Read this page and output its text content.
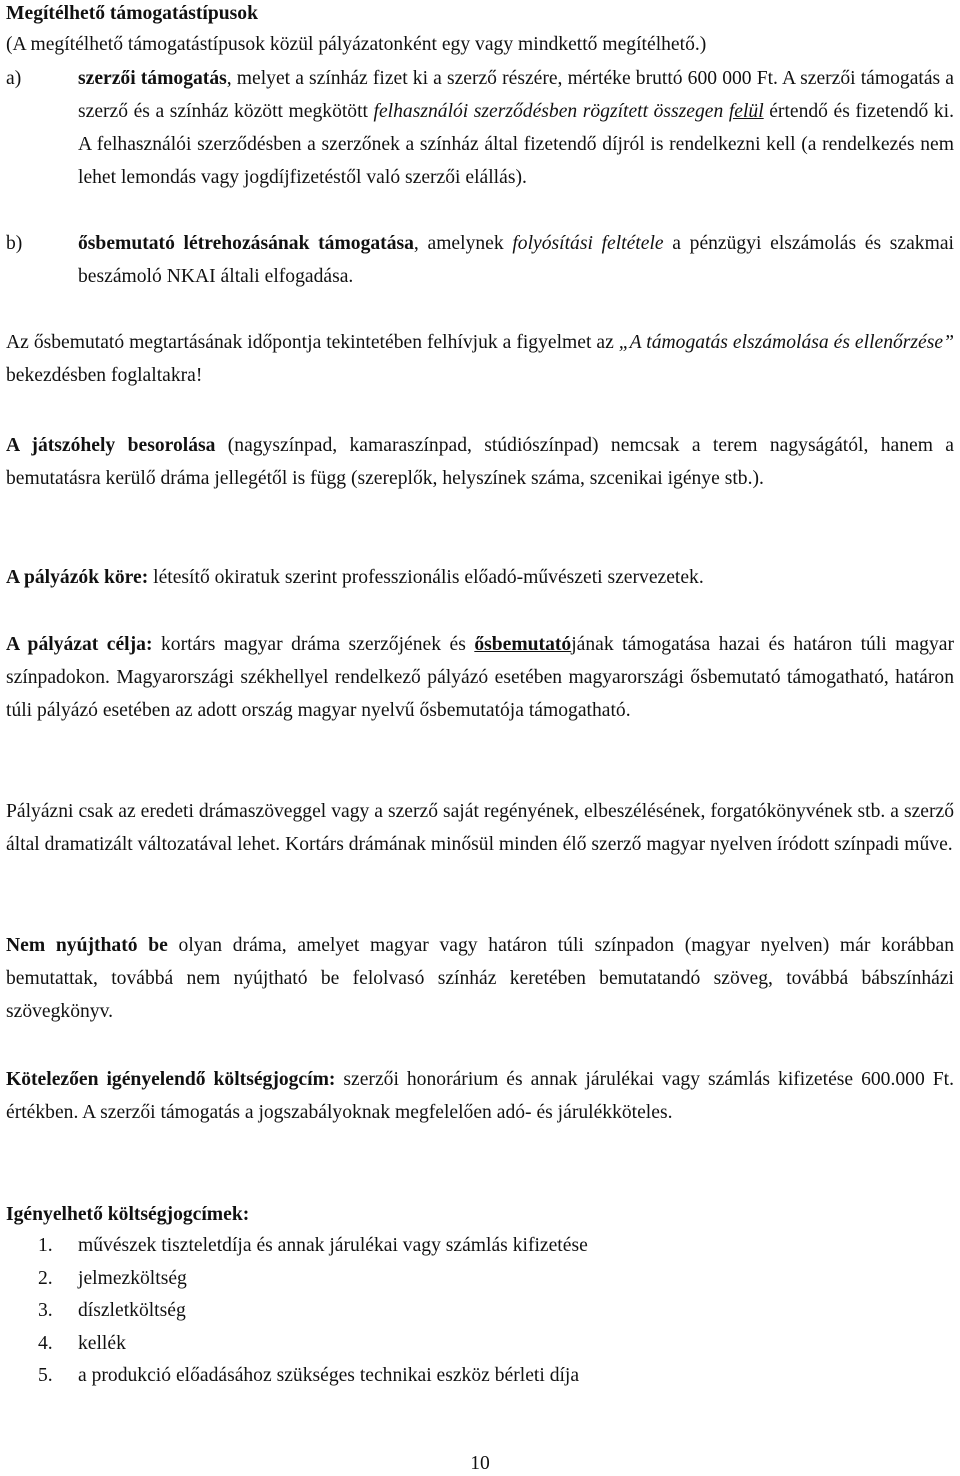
Megítélhető támogatástípusok

(A megítélhető támogatástípusok közül pályázatonként egy vagy mindkettő megítélhető.)

a)	szerzői támogatás, melyet a színház fizet ki a szerző részére, mértéke bruttó 600 000 Ft. A szerzői támogatás a szerző és a színház között megkötött felhasználói szerződésben rögzített összegen felül értendő és fizetendő ki. A felhasználói szerződésben a szerzőnek a színház által fizetendő díjról is rendelkezni kell (a rendelkezés nem lehet lemondás vagy jogdíjfizetéstől való szerzői elállás).

b)	ősbemutató létrehozásának támogatása, amelynek folyósítási feltétele a pénzügyi elszámolás és szakmai beszámoló NKAI általi elfogadása.

Az ősbemutató megtartásának időpontja tekintetében felhívjuk a figyelmet az „A támogatás elszámolása és ellenőrzése” bekezdésben foglaltakra!

A játszóhely besorolása (nagyszínpad, kamaraszínpad, stúdiószínpad) nemcsak a terem nagyságától, hanem a bemutatásra kerülő dráma jellegétől is függ (szereplők, helyszínek száma, szcenikai igénye stb.).

A pályázók köre: létesítő okiratuk szerint professzionális előadó-művészeti szervezetek.

A pályázat célja: kortárs magyar dráma szerzőjének és ősbemutatójának támogatása hazai és határon túli magyar színpadokon. Magyarországi székhellyel rendelkező pályázó esetében magyarországi ősbemutató támogatható, határon túli pályázó esetében az adott ország magyar nyelvű ősbemutatója támogatható.

Pályázni csak az eredeti drámaszöveggel vagy a szerző saját regényének, elbeszélésének, forgatókönyvének stb. a szerző által dramatizált változatával lehet. Kortárs drámának minősül minden élő szerző magyar nyelven íródott színpadi műve.

Nem nyújtható be olyan dráma, amelyet magyar vagy határon túli színpadon (magyar nyelven) már korábban bemutattak, továbbá nem nyújtható be felolvasó színház keretében bemutatandó szöveg, továbbá bábszínházi szövegkönyv.

Kötelezően igényelendő költségjogcím: szerzői honorárium és annak járulékai vagy számlás kifizetése 600.000 Ft. értékben. A szerzői támogatás a jogszabályoknak megfelelően adó- és járulékköteles.

Igényelhető költségjogcímek:

1. művészek tiszteletdíja és annak járulékai vagy számlás kifizetése
2. jelmezköltség
3. díszletköltség
4. kellék
5. a produkció előadásához szükséges technikai eszköz bérleti díja

10
